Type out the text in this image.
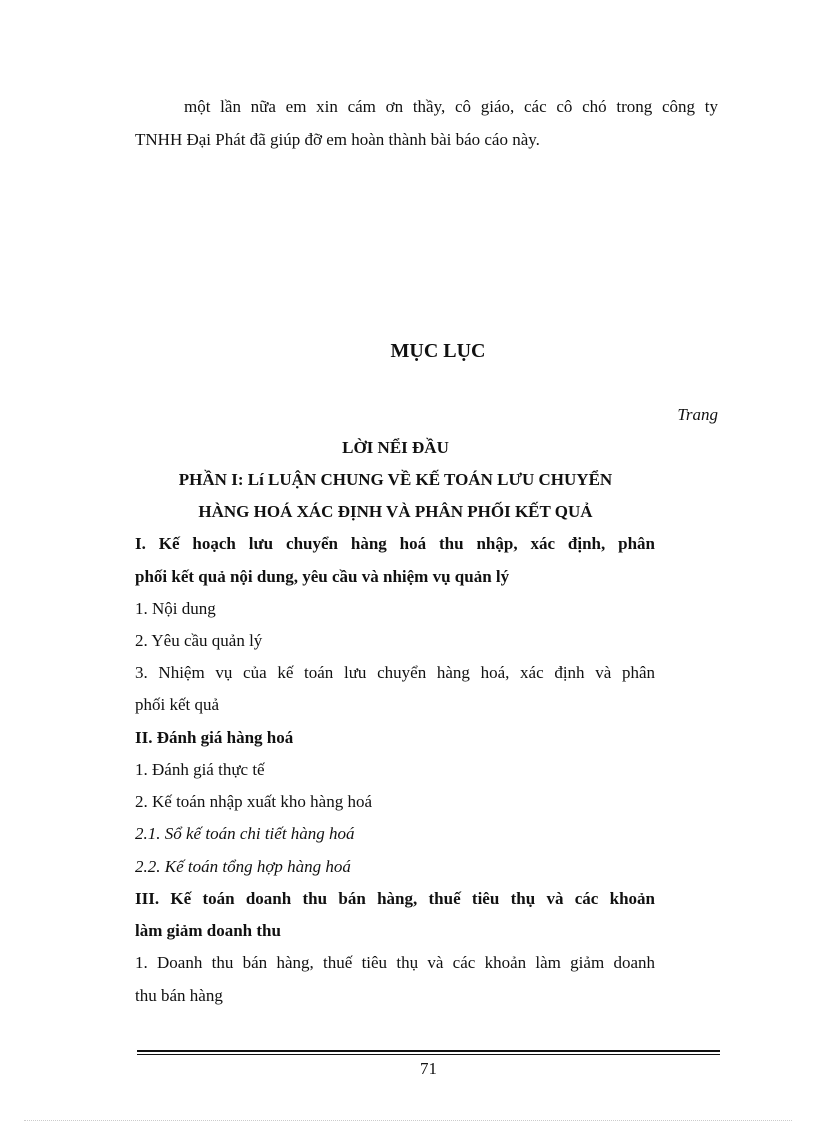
một lần nữa em xin cám ơn thầy, cô giáo, các cô chó trong công ty
TNHH Đại Phát đã giúp đỡ em hoàn thành bài báo cáo này.
MỤC LỤC
Trang
LỜI NỂI ĐẦU
PHẦN I: Lí LUẬN CHUNG VỀ KẾ TOÁN LƯU CHUYỂN
HÀNG HOÁ XÁC ĐỊNH VÀ PHÂN PHỐI KẾT QUẢ
I. Kế hoạch lưu chuyển hàng hoá thu nhập, xác định, phân
phối kết quả nội dung, yêu cầu và nhiệm vụ quản lý
1. Nội dung
2. Yêu cầu quản lý
3. Nhiệm vụ của kế toán lưu chuyển hàng hoá, xác định và phân
phối kết quả
II. Đánh giá hàng hoá
1. Đánh giá thực tế
2. Kế toán nhập xuất kho hàng hoá
2.1. Sổ kế toán chi tiết hàng hoá
2.2. Kế toán tổng hợp hàng hoá
III. Kế toán doanh thu bán hàng, thuế tiêu thụ và các khoản
làm giảm doanh thu
1. Doanh thu bán hàng, thuế tiêu thụ và các khoản làm giảm doanh
thu bán hàng
71
